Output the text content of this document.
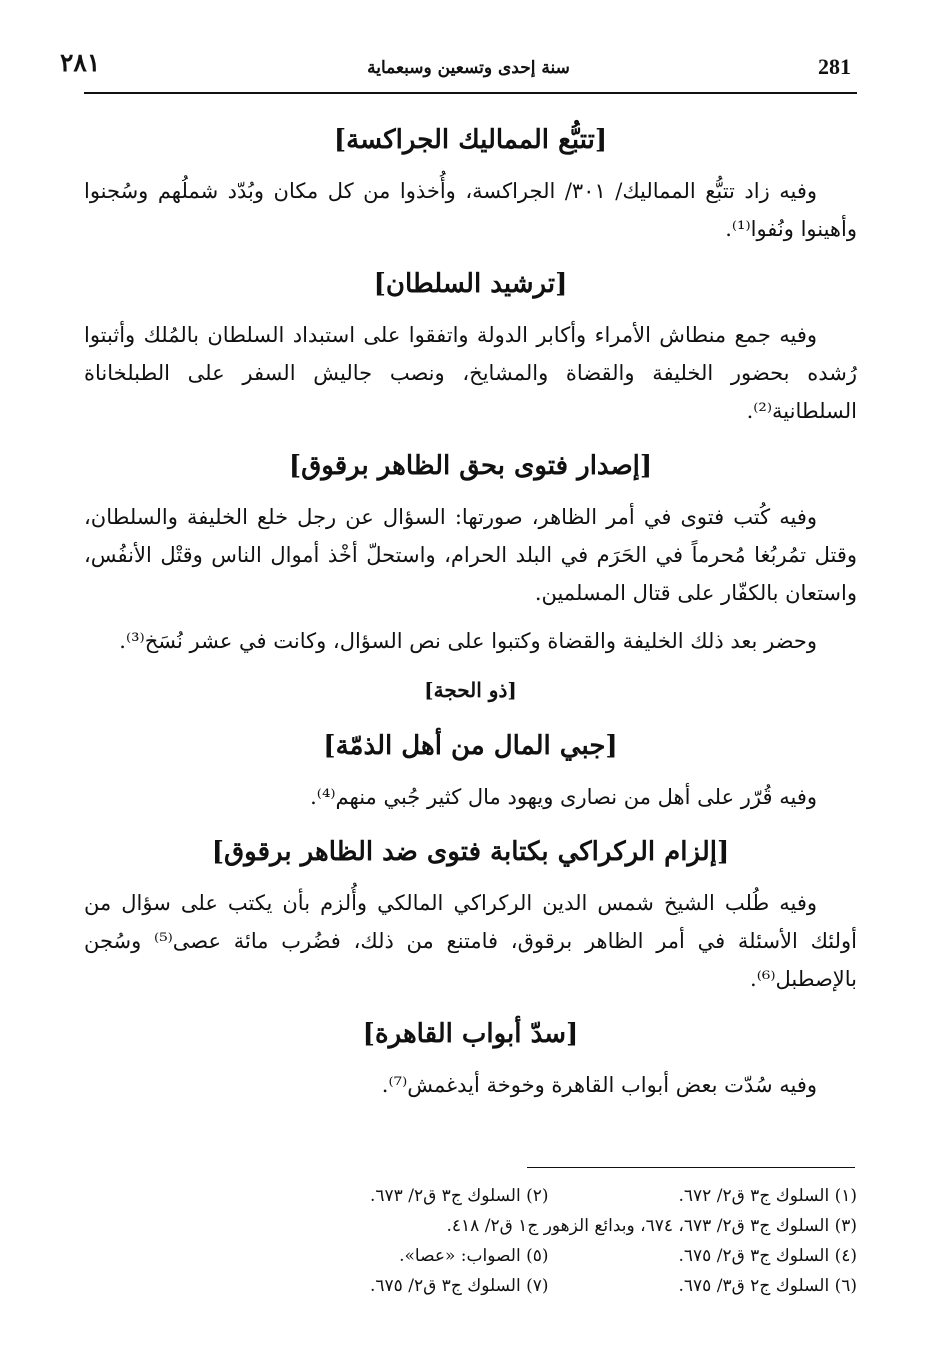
٢٨١	سنة إحدى وتسعين وسبعماية	281
[تتبُّع المماليك الجراكسة]

وفيه زاد تتبُّع المماليك/ ٣٠١/ الجراكسة، وأُخذوا من كل مكان وبُدّد شملُهم وسُجنوا وأهينوا ونُفوا⁽¹⁾.

[ترشيد السلطان]

وفيه جمع منطاش الأمراء وأكابر الدولة واتفقوا على استبداد السلطان بالمُلك وأثبتوا رُشده بحضور الخليفة والقضاة والمشايخ، ونصب جاليش السفر على الطبلخاناة السلطانية⁽²⁾.

[إصدار فتوى بحق الظاهر برقوق]

وفيه كُتب فتوى في أمر الظاهر، صورتها: السؤال عن رجل خلع الخليفة والسلطان، وقتل تمُربُغا مُحرماً في الحَرَم في البلد الحرام، واستحلّ أخْذ أموال الناس وقتْل الأنفُس، واستعان بالكفّار على قتال المسلمين.

وحضر بعد ذلك الخليفة والقضاة وكتبوا على نص السؤال، وكانت في عشر نُسَخ⁽³⁾.

[ذو الحجة]
[جبي المال من أهل الذمّة]

وفيه قُرّر على أهل من نصارى ويهود مال كثير جُبي منهم⁽⁴⁾.

[إلزام الركراكي بكتابة فتوى ضد الظاهر برقوق]

وفيه طُلب الشيخ شمس الدين الركراكي المالكي وأُلزم بأن يكتب على سؤال من أولئك الأسئلة في أمر الظاهر برقوق، فامتنع من ذلك، فضُرب مائة عصى⁽⁵⁾ وسُجن بالإصطبل⁽⁶⁾.

[سدّ أبواب القاهرة]

وفيه سُدّت بعض أبواب القاهرة وخوخة أيدغمش⁽⁷⁾.

(١) السلوك ج٣ ق٢/ ٦٧٢.
(٢) السلوك ج٣ ق٢/ ٦٧٣.
(٣) السلوك ج٣ ق٢/ ٦٧٣، ٦٧٤، وبدائع الزهور ج١ ق٢/ ٤١٨.
(٤) السلوك ج٣ ق٢/ ٦٧٥.
(٥) الصواب: «عصا».
(٦) السلوك ج٢ ق٣/ ٦٧٥.
(٧) السلوك ج٣ ق٢/ ٦٧٥.
